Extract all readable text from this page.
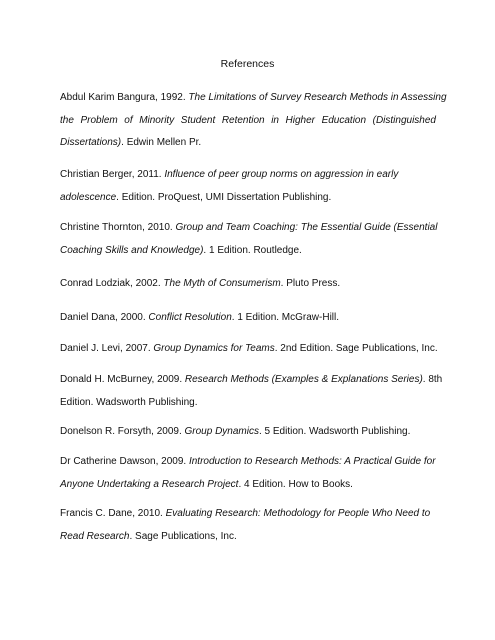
References
Abdul Karim Bangura, 1992. The Limitations of Survey Research Methods in Assessing
the Problem of Minority Student Retention in Higher Education (Distinguished
Dissertations). Edwin Mellen Pr.
Christian Berger, 2011. Influence of peer group norms on aggression in early
adolescence. Edition. ProQuest, UMI Dissertation Publishing.
Christine Thornton, 2010. Group and Team Coaching: The Essential Guide (Essential
Coaching Skills and Knowledge). 1 Edition. Routledge.
Conrad Lodziak, 2002. The Myth of Consumerism. Pluto Press.
Daniel Dana, 2000. Conflict Resolution. 1 Edition. McGraw-Hill.
Daniel J. Levi, 2007. Group Dynamics for Teams. 2nd Edition. Sage Publications, Inc.
Donald H. McBurney, 2009. Research Methods (Examples & Explanations Series). 8th
Edition. Wadsworth Publishing.
Donelson R. Forsyth, 2009. Group Dynamics. 5 Edition. Wadsworth Publishing.
Dr Catherine Dawson, 2009. Introduction to Research Methods: A Practical Guide for
Anyone Undertaking a Research Project. 4 Edition. How to Books.
Francis C. Dane, 2010. Evaluating Research: Methodology for People Who Need to
Read Research. Sage Publications, Inc.
